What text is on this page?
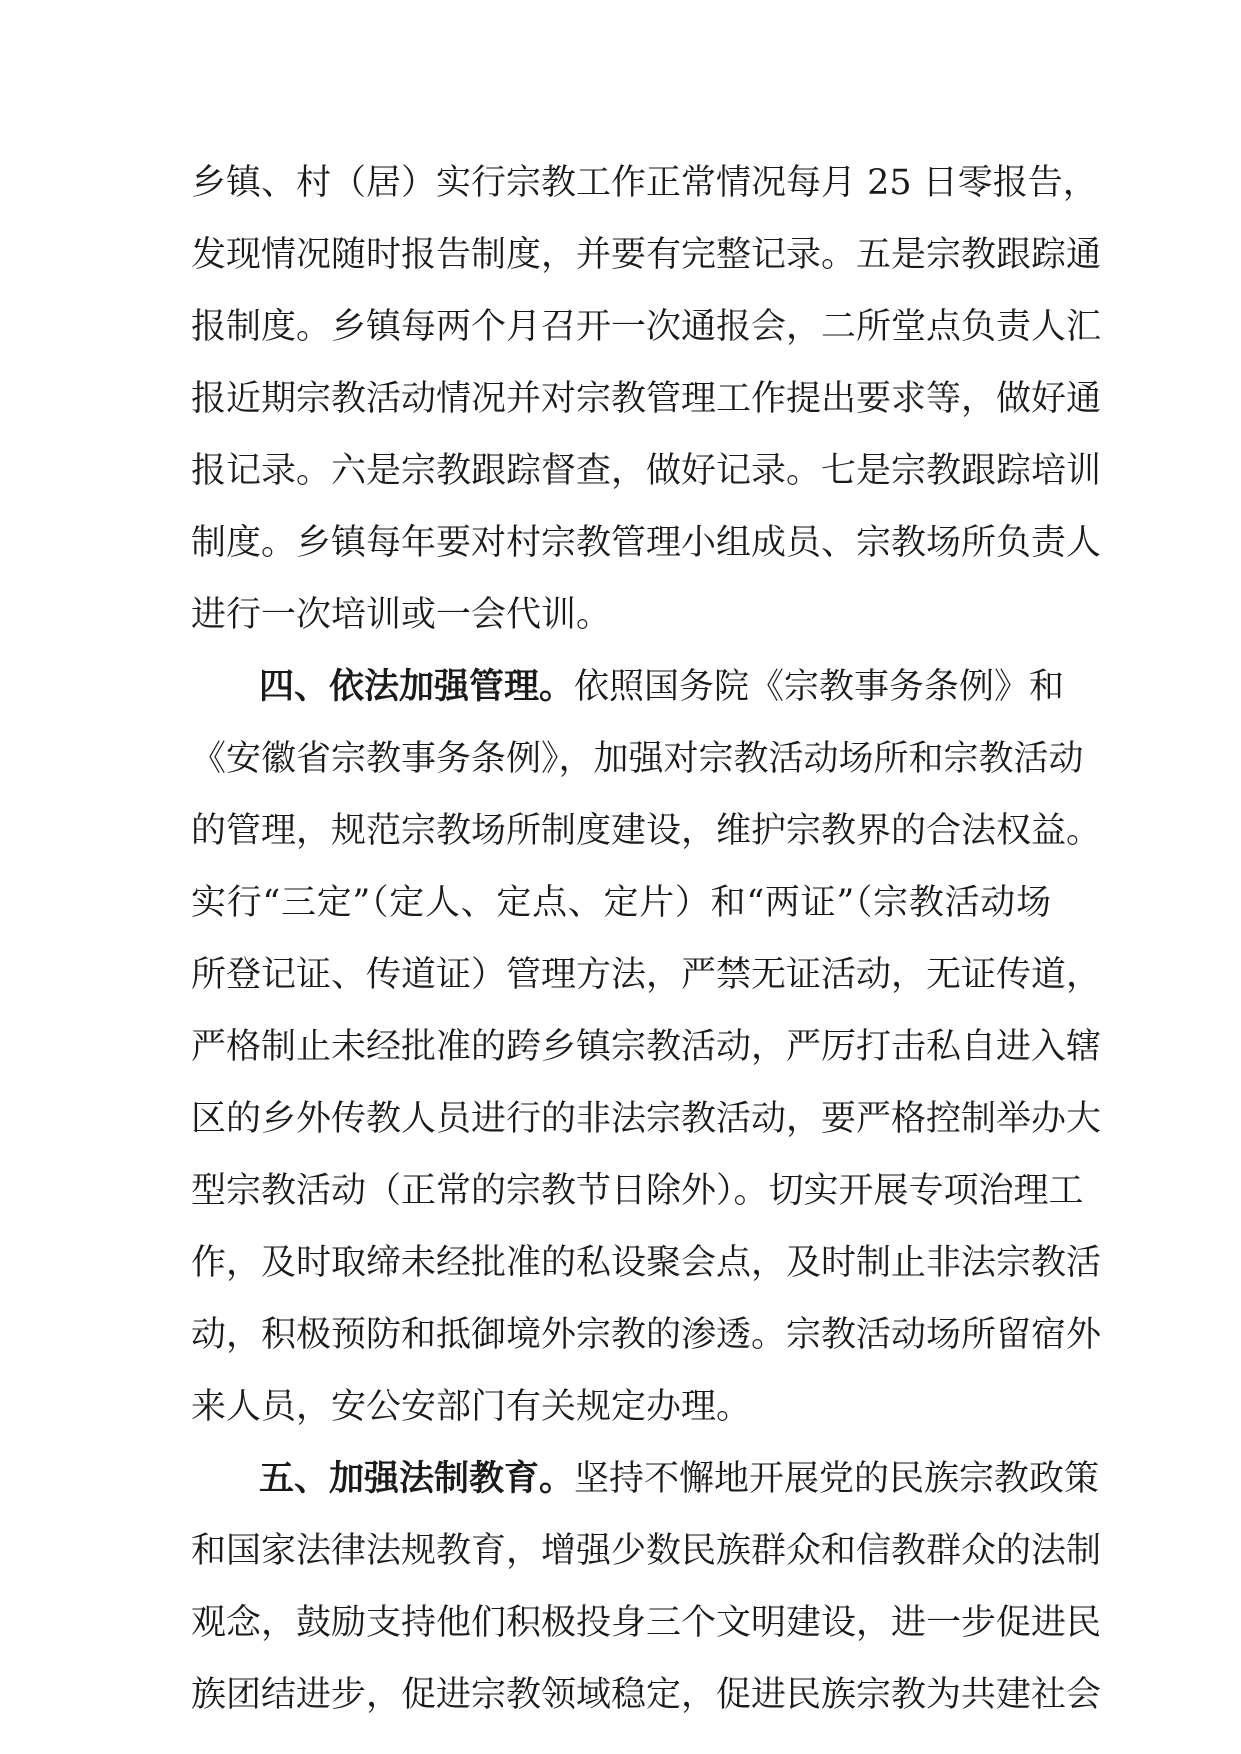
乡镇、村（居）实行宗教工作正常情况每月 25 日零报告，
发现情况随时报告制度，并要有完整记录。五是宗教跟踪通
报制度。乡镇每两个月召开一次通报会，二所堂点负责人汇
报近期宗教活动情况并对宗教管理工作提出要求等，做好通
报记录。六是宗教跟踪督查，做好记录。七是宗教跟踪培训
制度。乡镇每年要对村宗教管理小组成员、宗教场所负责人
进行一次培训或一会代训。
四、依法加强管理。依照国务院《宗教事务条例》和
《安徽省宗教事务条例》，加强对宗教活动场所和宗教活动
的管理，规范宗教场所制度建设，维护宗教界的合法权益。
实行“三定”（定人、定点、定片）和“两证”（宗教活动场
所登记证、传道证）管理方法，严禁无证活动，无证传道，
严格制止未经批准的跨乡镇宗教活动，严厉打击私自进入辖
区的乡外传教人员进行的非法宗教活动，要严格控制举办大
型宗教活动（正常的宗教节日除外）。切实开展专项治理工
作，及时取缔未经批准的私设聚会点，及时制止非法宗教活
动，积极预防和抵御境外宗教的渗透。宗教活动场所留宿外
来人员，安公安部门有关规定办理。
五、加强法制教育。坚持不懈地开展党的民族宗教政策
和国家法律法规教育，增强少数民族群众和信教群众的法制
观念，鼓励支持他们积极投身三个文明建设，进一步促进民
族团结进步，促进宗教领域稳定，促进民族宗教为共建社会
